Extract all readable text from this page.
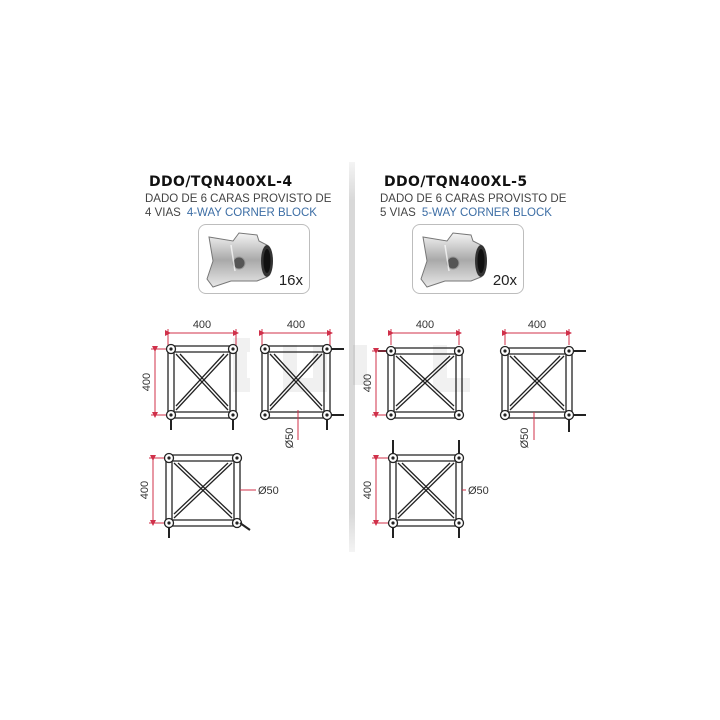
DDO/TQN400XL-4
DADO DE 6 CARAS PROVISTO DE
4 VIAS 4-WAY CORNER BLOCK
16x
DDO/TQN400XL-5
DADO DE 6 CARAS PROVISTO DE
5 VIAS 5-WAY CORNER BLOCK
20x
400	400
400
Ø50
400	Ø50
400	400
400
Ø50
400	Ø50
